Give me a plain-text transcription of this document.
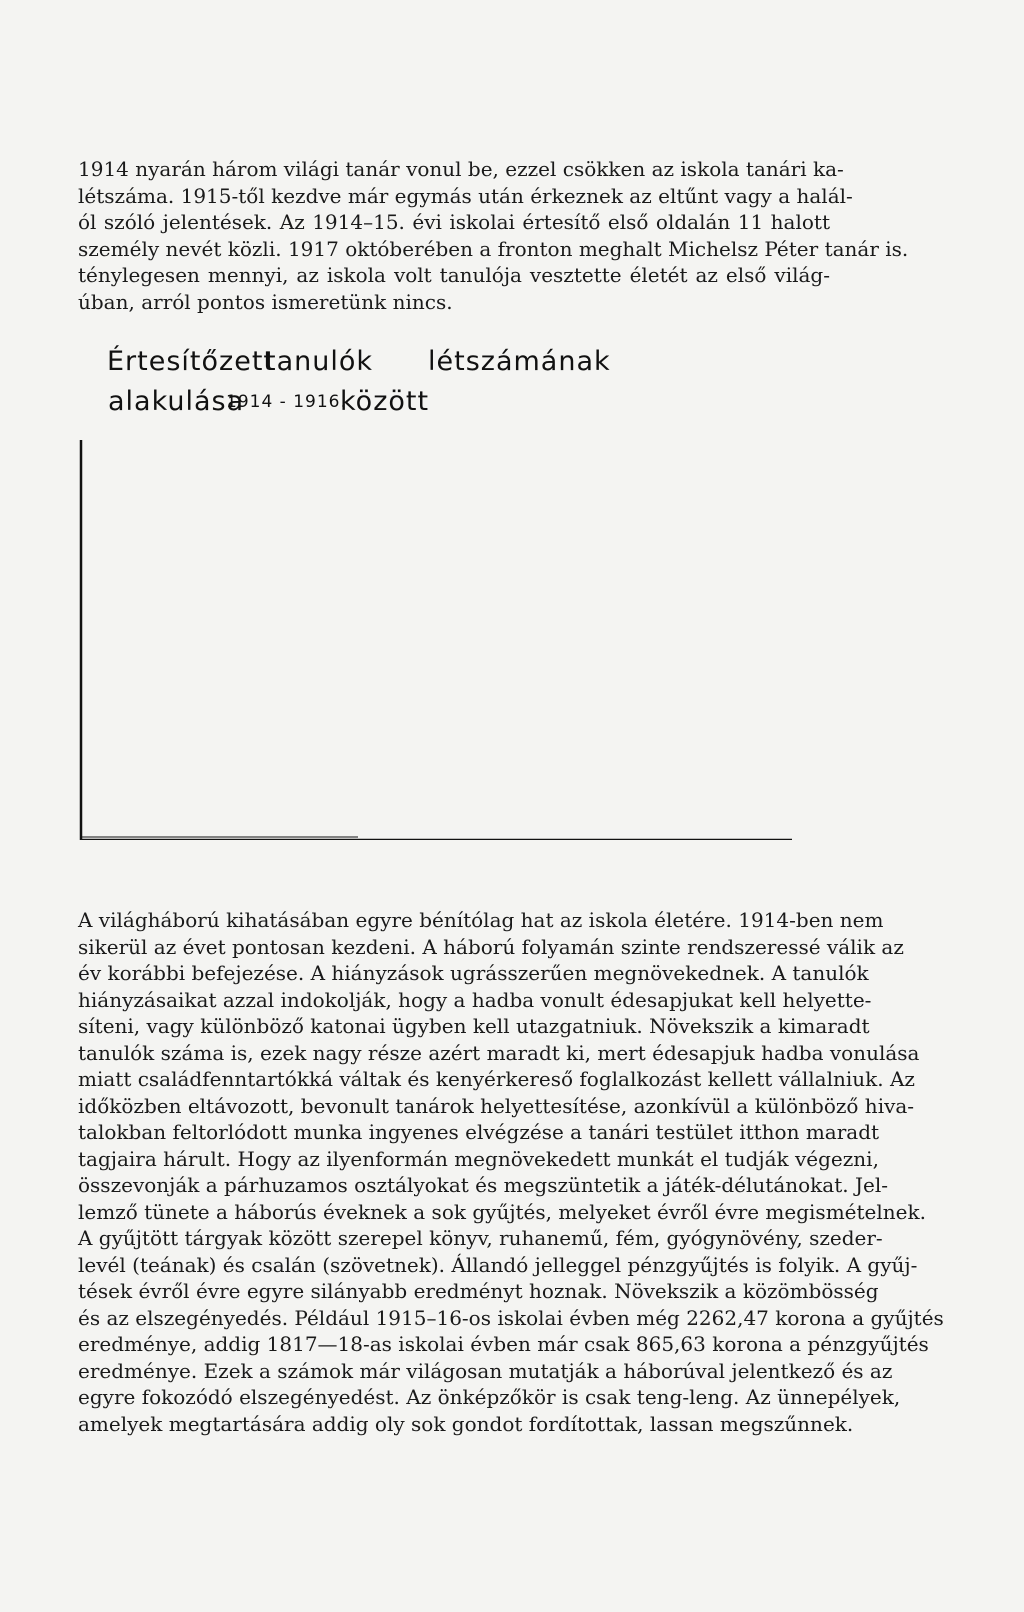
1914 nyarán három világi tanár vonul be, ezzel csökken az iskola tanári ka-
létszáma. 1915-től kezdve már egymás után érkeznek az eltűnt vagy a halál-
ól szóló jelentések. Az 1914–15. évi iskolai értesítő első oldalán 11 halott
személy nevét közli. 1917 októberében a fronton meghalt Michelsz Péter tanár is.
ténylegesen mennyi, az iskola volt tanulója vesztette életét az első világ-
úban, arról pontos ismeretünk nincs.
Értesítőzett
tanulók létszámának
alakulása
1914 - 1916.
között
A világháború kihatásában egyre bénítólag hat az iskola életére. 1914-ben nem
sikerül az évet pontosan kezdeni. A háború folyamán szinte rendszeressé válik az
év korábbi befejezése. A hiányzások ugrásszerűen megnövekednek. A tanulók
hiányzásaikat azzal indokolják, hogy a hadba vonult édesapjukat kell helyette-
síteni, vagy különböző katonai ügyben kell utazgatniuk. Növekszik a kimaradt
tanulók száma is, ezek nagy része azért maradt ki, mert édesapjuk hadba vonulása
miatt családfenntartókká váltak és kenyérkereső foglalkozást kellett vállalniuk. Az
időközben eltávozott, bevonult tanárok helyettesítése, azonkívül a különböző hiva-
talokban feltorlódott munka ingyenes elvégzése a tanári testület itthon maradt
tagjaira hárult. Hogy az ilyenformán megnövekedett munkát el tudják végezni,
összevonják a párhuzamos osztályokat és megszüntetik a játék-délutánokat. Jel-
lemző tünete a háborús éveknek a sok gyűjtés, melyeket évről évre megismételnek.
A gyűjtött tárgyak között szerepel könyv, ruhanemű, fém, gyógynövény, szeder-
levél (teának) és csalán (szövetnek). Állandó jelleggel pénzgyűjtés is folyik. A gyűj-
tések évről évre egyre silányabb eredményt hoznak. Növekszik a közömbösség
és az elszegényedés. Például 1915–16-os iskolai évben még 2262,47 korona a gyűjtés
eredménye, addig 1817—18-as iskolai évben már csak 865,63 korona a pénzgyűjtés
eredménye. Ezek a számok már világosan mutatják a háborúval jelentkező és az
egyre fokozódó elszegényedést. Az önképzőkör is csak teng-leng. Az ünnepélyek,
amelyek megtartására addig oly sok gondot fordítottak, lassan megszűnnek.
